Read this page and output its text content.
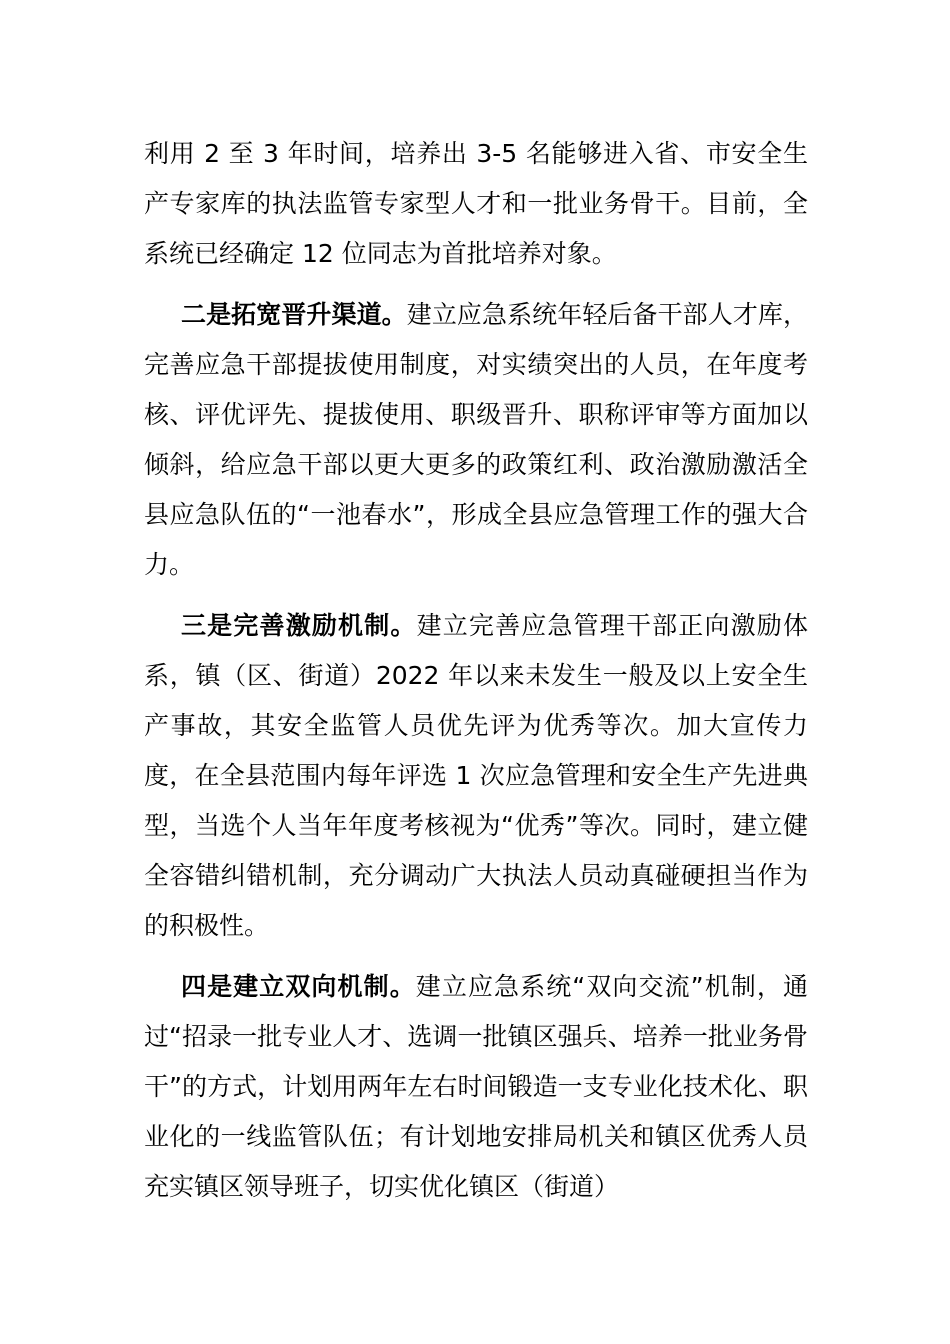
利用 2 至 3 年时间，培养出 3-5 名能够进入省、市安全生产专家库的执法监管专家型人才和一批业务骨干。目前，全系统已经确定 12 位同志为首批培养对象。

二是拓宽晋升渠道。建立应急系统年轻后备干部人才库，完善应急干部提拔使用制度，对实绩突出的人员，在年度考核、评优评先、提拔使用、职级晋升、职称评审等方面加以倾斜，给应急干部以更大更多的政策红利、政治激励激活全县应急队伍的“一池春水”，形成全县应急管理工作的强大合力。

三是完善激励机制。建立完善应急管理干部正向激励体系，镇（区、街道）2022 年以来未发生一般及以上安全生产事故，其安全监管人员优先评为优秀等次。加大宣传力度，在全县范围内每年评选 1 次应急管理和安全生产先进典型，当选个人当年年度考核视为“优秀”等次。同时，建立健全容错纠错机制，充分调动广大执法人员动真碰硬担当作为的积极性。

四是建立双向机制。建立应急系统“双向交流”机制，通过“招录一批专业人才、选调一批镇区强兵、培养一批业务骨干”的方式，计划用两年左右时间锻造一支专业化技术化、职业化的一线监管队伍；有计划地安排局机关和镇区优秀人员充实镇区领导班子，切实优化镇区（街道）
